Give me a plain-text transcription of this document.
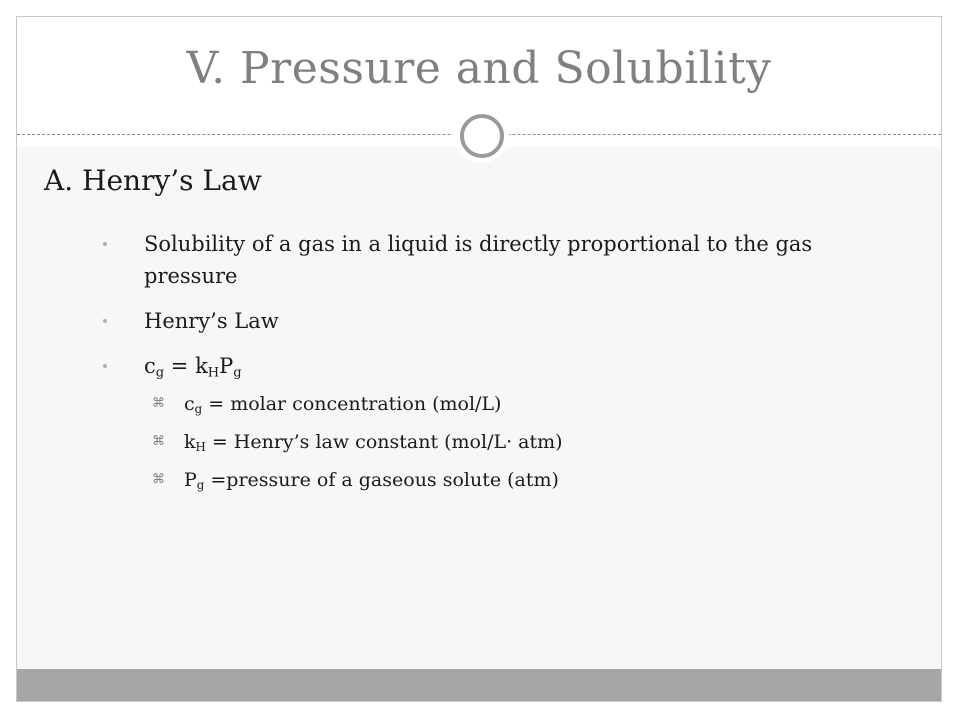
V. Pressure and Solubility
A. Henry’s Law
Solubility of a gas in a liquid is directly proportional to the gas pressure
Henry’s Law
$c_g = k_HP_g$
⌘ $c_g$ = molar concentration (mol/L)
⌘ $k_H$ = Henry’s law constant (mol/L· atm)
⌘ $P_g$ =pressure of a gaseous solute (atm)
